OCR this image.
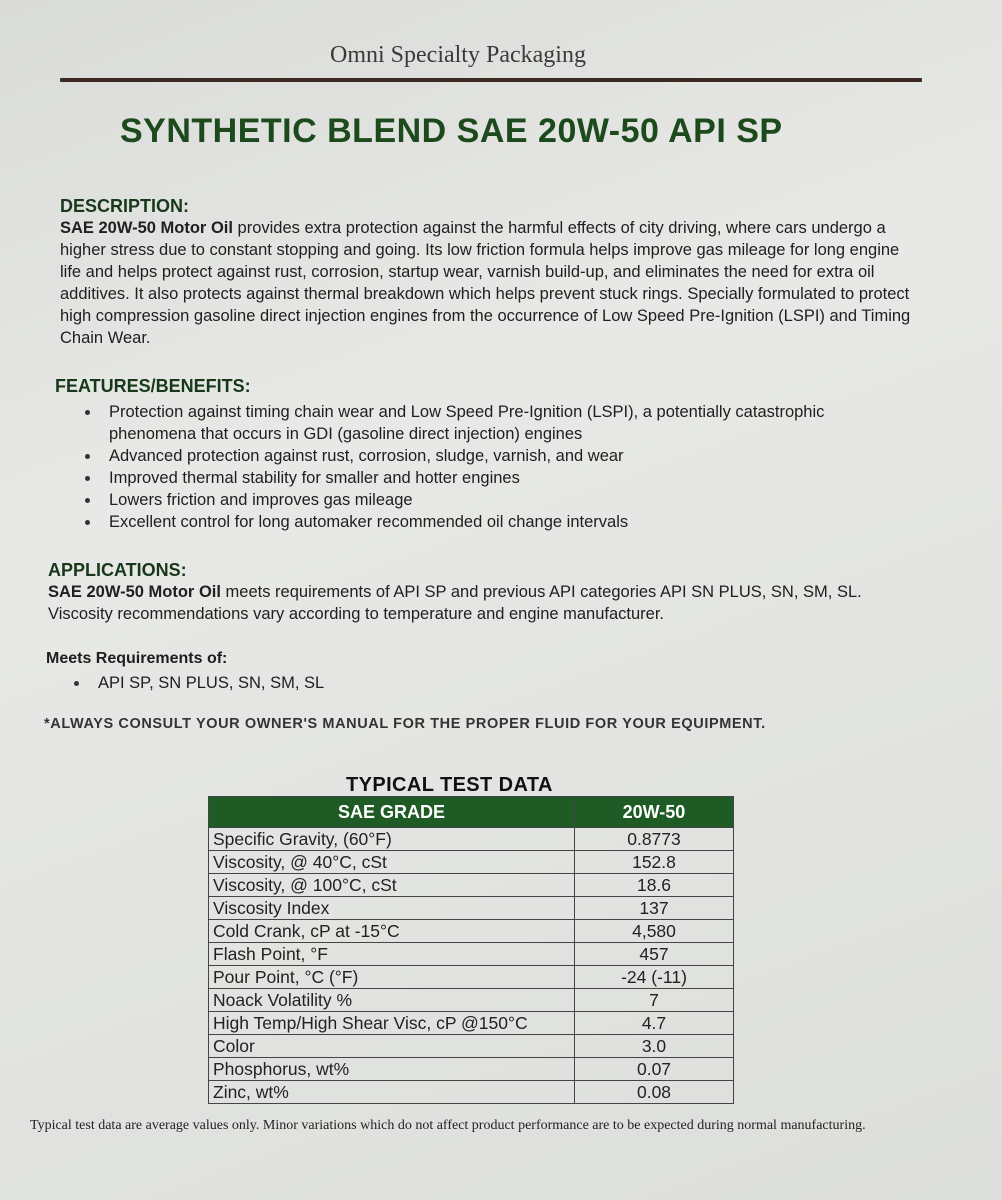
Omni Specialty Packaging
SYNTHETIC BLEND SAE 20W-50 API SP

DESCRIPTION:

SAE 20W-50 Motor Oil provides extra protection against the harmful effects of city driving, where cars undergo a higher stress due to constant stopping and going. Its low friction formula helps improve gas mileage for long engine life and helps protect against rust, corrosion, startup wear, varnish build-up, and eliminates the need for extra oil additives. It also protects against thermal breakdown which helps prevent stuck rings. Specially formulated to protect high compression gasoline direct injection engines from the occurrence of Low Speed Pre-Ignition (LSPI) and Timing Chain Wear.

FEATURES/BENEFITS:

Protection against timing chain wear and Low Speed Pre-Ignition (LSPI), a potentially catastrophic phenomena that occurs in GDI (gasoline direct injection) engines
Advanced protection against rust, corrosion, sludge, varnish, and wear
Improved thermal stability for smaller and hotter engines
Lowers friction and improves gas mileage
Excellent control for long automaker recommended oil change intervals

APPLICATIONS:

SAE 20W-50 Motor Oil meets requirements of API SP and previous API categories API SN PLUS, SN, SM, SL. Viscosity recommendations vary according to temperature and engine manufacturer.

Meets Requirements of:

API SP, SN PLUS, SN, SM, SL
*ALWAYS CONSULT YOUR OWNER'S MANUAL FOR THE PROPER FLUID FOR YOUR EQUIPMENT.
TYPICAL TEST DATA
SAE GRADE	20W-50
Specific Gravity, (60°F)	0.8773
Viscosity, @ 40°C, cSt	152.8
Viscosity, @ 100°C, cSt	18.6
Viscosity Index	137
Cold Crank, cP at -15°C	4,580
Flash Point, °F	457
Pour Point, °C (°F)	-24 (-11)
Noack Volatility %	7
High Temp/High Shear Visc, cP @150°C	4.7
Color	3.0
Phosphorus, wt%	0.07
Zinc, wt%	0.08
Typical test data are average values only. Minor variations which do not affect product performance are to be expected during normal manufacturing.
